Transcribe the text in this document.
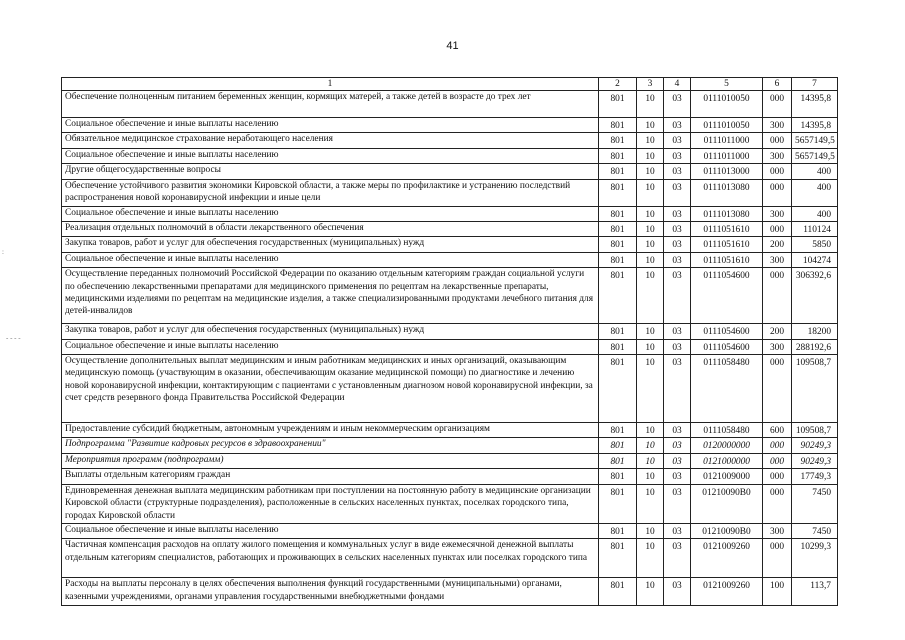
41
‐ ‐ ‐ ‐
:
1	2	3	4	5	6	7
Обеспечение полноценным питанием беременных женщин, кормящих матерей, а также детей в возрасте до трех лет	801	10	03	0111010050	000	14395,8
Социальное обеспечение и иные выплаты населению	801	10	03	0111010050	300	14395,8
Обязательное медицинское страхование неработающего населения	801	10	03	0111011000	000	5657149,5
Социальное обеспечение и иные выплаты населению	801	10	03	0111011000	300	5657149,5
Другие общегосударственные вопросы	801	10	03	0111013000	000	400
Обеспечение устойчивого развития экономики Кировской области, а также меры по профилактике и устранению последствий распространения новой коронавирусной инфекции и иные цели	801	10	03	0111013080	000	400
Социальное обеспечение и иные выплаты населению	801	10	03	0111013080	300	400
Реализация отдельных полномочий в области лекарственного обеспечения	801	10	03	0111051610	000	110124
Закупка товаров, работ и услуг для обеспечения государственных (муниципальных) нужд	801	10	03	0111051610	200	5850
Социальное обеспечение и иные выплаты населению	801	10	03	0111051610	300	104274
Осуществление переданных полномочий Российской Федерации по оказанию отдельным категориям граждан социальной услуги по обеспечению лекарственными препаратами для медицинского применения по рецептам на лекарственные препараты, медицинскими изделиями по рецептам на медицинские изделия, а также специализированными продуктами лечебного питания для детей-инвалидов	801	10	03	0111054600	000	306392,6
Закупка товаров, работ и услуг для обеспечения государственных (муниципальных) нужд	801	10	03	0111054600	200	18200
Социальное обеспечение и иные выплаты населению	801	10	03	0111054600	300	288192,6
Осуществление дополнительных выплат медицинским и иным работникам медицинских и иных организаций, оказывающим медицинскую помощь (участвующим в оказании, обеспечивающим оказание медицинской помощи) по диагностике и лечению новой коронавирусной инфекции, контактирующим с пациентами с установленным диагнозом новой коронавирусной инфекции, за счет средств резервного фонда Правительства Российской Федерации	801	10	03	0111058480	000	109508,7
Предоставление субсидий бюджетным, автономным учреждениям и иным некоммерческим организациям	801	10	03	0111058480	600	109508,7
Подпрограмма "Развитие кадровых ресурсов в здравоохранении"	801	10	03	0120000000	000	90249,3
Мероприятия программ (подпрограмм)	801	10	03	0121000000	000	90249,3
Выплаты отдельным категориям граждан	801	10	03	0121009000	000	17749,3
Единовременная денежная выплата медицинским работникам при поступлении на постоянную работу в медицинские организации Кировской области (структурные подразделения), расположенные в сельских населенных пунктах, поселках городского типа, городах Кировской области	801	10	03	01210090В0	000	7450
Социальное обеспечение и иные выплаты населению	801	10	03	01210090В0	300	7450
Частичная компенсация расходов на оплату жилого помещения и коммунальных услуг в виде ежемесячной денежной выплаты отдельным категориям специалистов, работающих и проживающих в сельских населенных пунктах или поселках городского типа	801	10	03	0121009260	000	10299,3
Расходы на выплаты персоналу в целях обеспечения выполнения функций государственными (муниципальными) органами, казенными учреждениями, органами управления государственными внебюджетными фондами	801	10	03	0121009260	100	113,7
